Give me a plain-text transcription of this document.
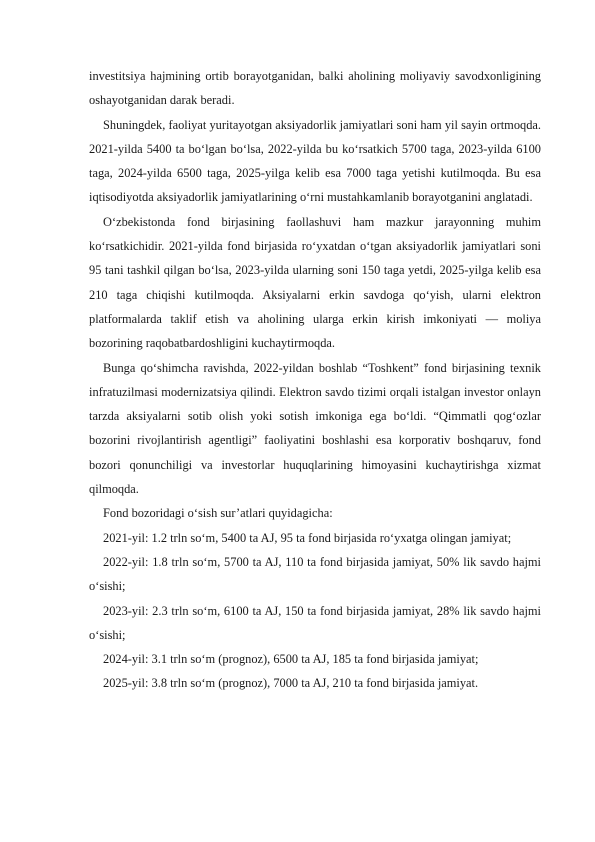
investitsiya hajmining ortib borayotganidan, balki aholining moliyaviy savodxonligining oshayotganidan darak beradi.

Shuningdek, faoliyat yuritayotgan aksiyadorlik jamiyatlari soni ham yil sayin ortmoqda. 2021-yilda 5400 ta bo‘lgan bo‘lsa, 2022-yilda bu ko‘rsatkich 5700 taga, 2023-yilda 6100 taga, 2024-yilda 6500 taga, 2025-yilga kelib esa 7000 taga yetishi kutilmoqda. Bu esa iqtisodiyotda aksiyadorlik jamiyatlarining o‘rni mustahkamlanib borayotganini anglatadi.

O‘zbekistonda fond birjasining faollashuvi ham mazkur jarayonning muhim ko‘rsatkichidir. 2021-yilda fond birjasida ro‘yxatdan o‘tgan aksiyadorlik jamiyatlari soni 95 tani tashkil qilgan bo‘lsa, 2023-yilda ularning soni 150 taga yetdi, 2025-yilga kelib esa 210 taga chiqishi kutilmoqda. Aksiyalarni erkin savdoga qo‘yish, ularni elektron platformalarda taklif etish va aholining ularga erkin kirish imkoniyati — moliya bozorining raqobatbardoshligini kuchaytirmoqda.

Bunga qo‘shimcha ravishda, 2022-yildan boshlab “Toshkent” fond birjasining texnik infratuzilmasi modernizatsiya qilindi. Elektron savdo tizimi orqali istalgan investor onlayn tarzda aksiyalarni sotib olish yoki sotish imkoniga ega bo‘ldi. “Qimmatli qog‘ozlar bozorini rivojlantirish agentligi” faoliyatini boshlashi esa korporativ boshqaruv, fond bozori qonunchiligi va investorlar huquqlarining himoyasini kuchaytirishga xizmat qilmoqda.

Fond bozoridagi o‘sish sur’atlari quyidagicha:

2021-yil: 1.2 trln so‘m, 5400 ta AJ, 95 ta fond birjasida ro‘yxatga olingan jamiyat;

2022-yil: 1.8 trln so‘m, 5700 ta AJ, 110 ta fond birjasida jamiyat, 50% lik savdo hajmi o‘sishi;

2023-yil: 2.3 trln so‘m, 6100 ta AJ, 150 ta fond birjasida jamiyat, 28% lik savdo hajmi o‘sishi;

2024-yil: 3.1 trln so‘m (prognoz), 6500 ta AJ, 185 ta fond birjasida jamiyat;

2025-yil: 3.8 trln so‘m (prognoz), 7000 ta AJ, 210 ta fond birjasida jamiyat.
